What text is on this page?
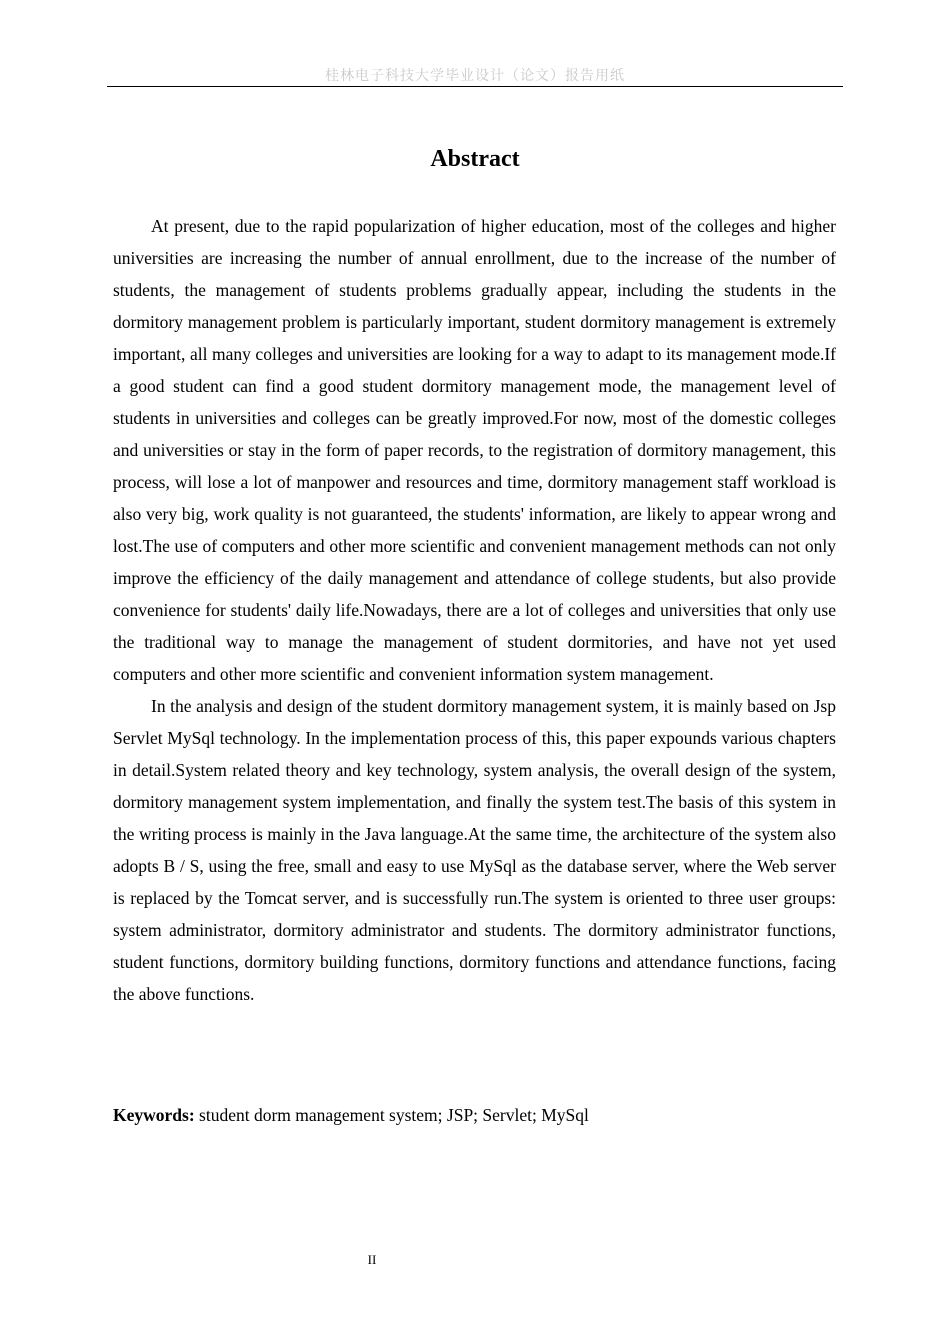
桂林电子科技大学毕业设计（论文）报告用纸
Abstract

At present, due to the rapid popularization of higher education, most of the colleges and higher universities are increasing the number of annual enrollment, due to the increase of the number of students, the management of students problems gradually appear, including the students in the dormitory management problem is particularly important, student dormitory management is extremely important, all many colleges and universities are looking for a way to adapt to its management mode.If a good student can find a good student dormitory management mode, the management level of students in universities and colleges can be greatly improved.For now, most of the domestic colleges and universities or stay in the form of paper records, to the registration of dormitory management, this process, will lose a lot of manpower and resources and time, dormitory management staff workload is also very big, work quality is not guaranteed, the students' information, are likely to appear wrong and lost.The use of computers and other more scientific and convenient management methods can not only improve the efficiency of the daily management and attendance of college students, but also provide convenience for students' daily life.Nowadays, there are a lot of colleges and universities that only use the traditional way to manage the management of student dormitories, and have not yet used computers and other more scientific and convenient information system management.

In the analysis and design of the student dormitory management system, it is mainly based on Jsp Servlet MySql technology. In the implementation process of this, this paper expounds various chapters in detail.System related theory and key technology, system analysis, the overall design of the system, dormitory management system implementation, and finally the system test.The basis of this system in the writing process is mainly in the Java language.At the same time, the architecture of the system also adopts B / S, using the free, small and easy to use MySql as the database server, where the Web server is replaced by the Tomcat server, and is successfully run.The system is oriented to three user groups: system administrator, dormitory administrator and students. The dormitory administrator functions, student functions, dormitory building functions, dormitory functions and attendance functions, facing the above functions.

Keywords: student dorm management system; JSP; Servlet; MySql
II
